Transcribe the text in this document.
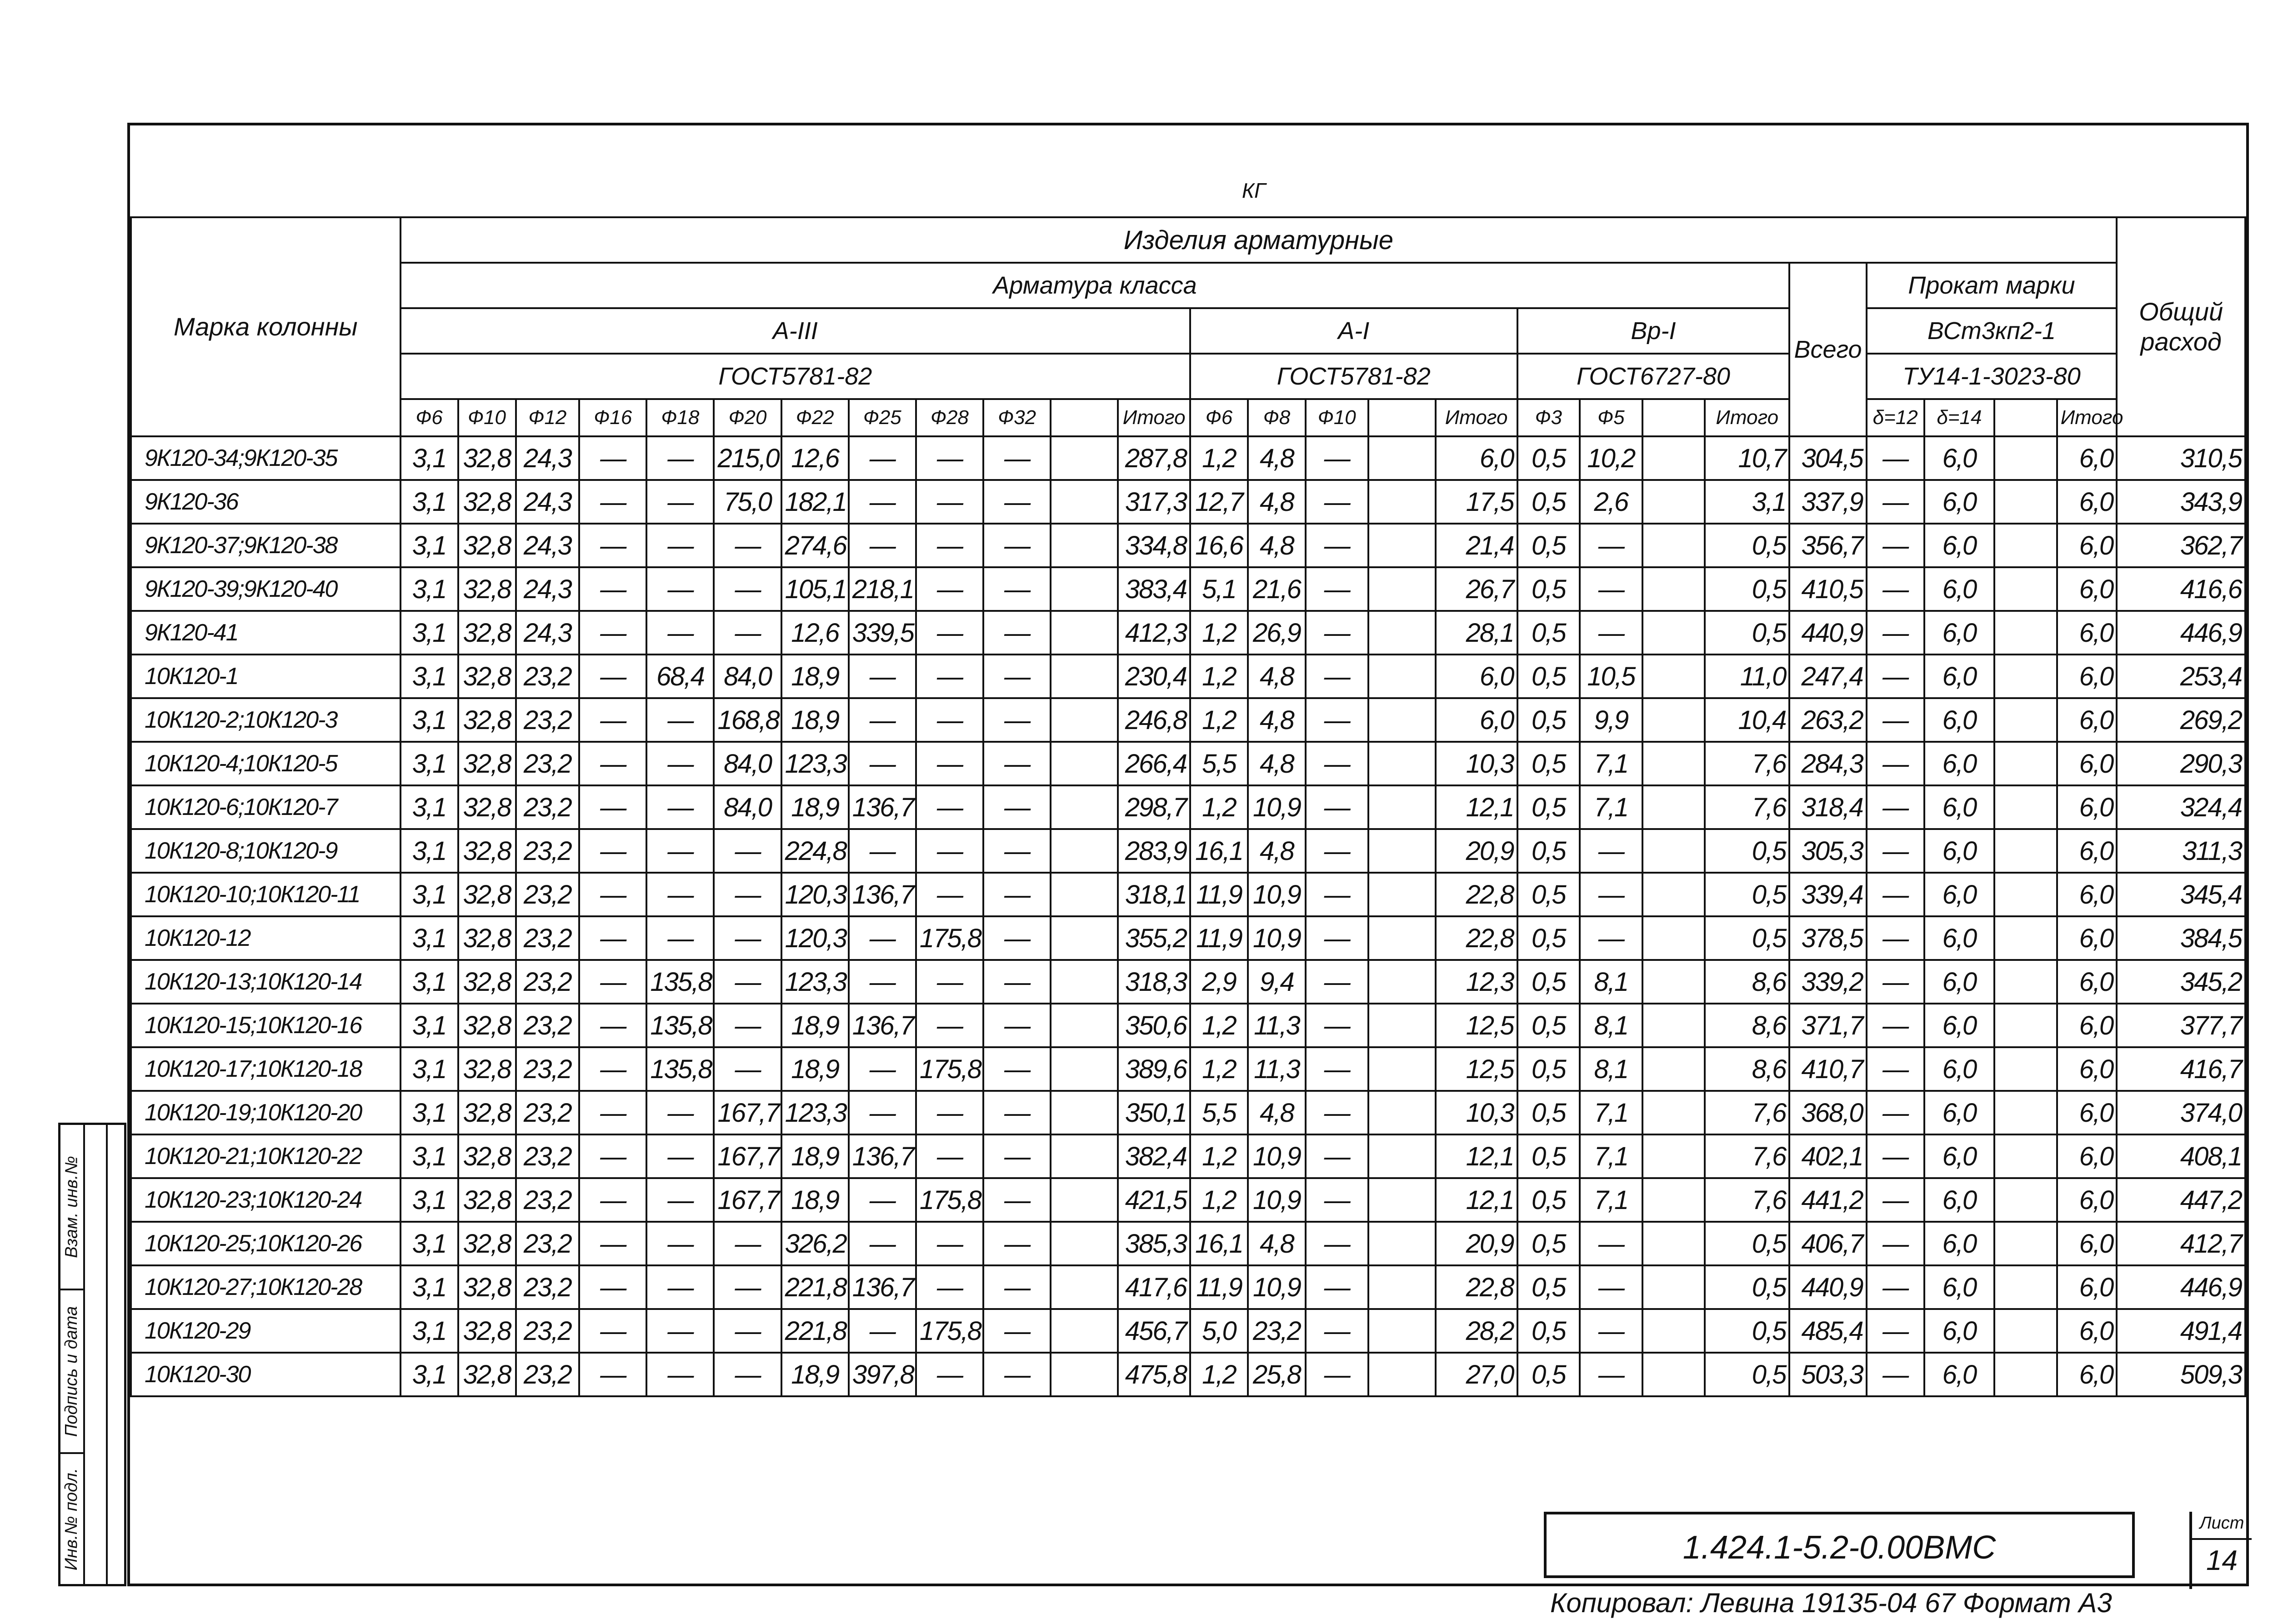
КГ
Марка колонны	Изделия арматурные																										Общий расход
	Арматура класса																					Всего	Прокат марки				
	А-III												А-I					Вр-I					ВСт3кп2-1				
	ГОСТ5781-82												ГОСТ5781-82					ГОСТ6727-80					ТУ14-1-3023-80				
	Ф6	Ф10	Ф12	Ф16	Ф18	Ф20	Ф22	Ф25	Ф28	Ф32		Итого	Ф6	Ф8	Ф10		Итого	Ф3	Ф5		Итого		δ=12	δ=14		Итого	
9К120-34;9К120-35	3,1	32,8	24,3	—	—	215,0	12,6	—	—	—		287,8	1,2	4,8	—		6,0	0,5	10,2		10,7	304,5	—	6,0		6,0	310,5
9К120-36	3,1	32,8	24,3	—	—	75,0	182,1	—	—	—		317,3	12,7	4,8	—		17,5	0,5	2,6		3,1	337,9	—	6,0		6,0	343,9
9К120-37;9К120-38	3,1	32,8	24,3	—	—	—	274,6	—	—	—		334,8	16,6	4,8	—		21,4	0,5	—		0,5	356,7	—	6,0		6,0	362,7
9К120-39;9К120-40	3,1	32,8	24,3	—	—	—	105,1	218,1	—	—		383,4	5,1	21,6	—		26,7	0,5	—		0,5	410,5	—	6,0		6,0	416,6
9К120-41	3,1	32,8	24,3	—	—	—	12,6	339,5	—	—		412,3	1,2	26,9	—		28,1	0,5	—		0,5	440,9	—	6,0		6,0	446,9
10К120-1	3,1	32,8	23,2	—	68,4	84,0	18,9	—	—	—		230,4	1,2	4,8	—		6,0	0,5	10,5		11,0	247,4	—	6,0		6,0	253,4
10К120-2;10К120-3	3,1	32,8	23,2	—	—	168,8	18,9	—	—	—		246,8	1,2	4,8	—		6,0	0,5	9,9		10,4	263,2	—	6,0		6,0	269,2
10К120-4;10К120-5	3,1	32,8	23,2	—	—	84,0	123,3	—	—	—		266,4	5,5	4,8	—		10,3	0,5	7,1		7,6	284,3	—	6,0		6,0	290,3
10К120-6;10К120-7	3,1	32,8	23,2	—	—	84,0	18,9	136,7	—	—		298,7	1,2	10,9	—		12,1	0,5	7,1		7,6	318,4	—	6,0		6,0	324,4
10К120-8;10К120-9	3,1	32,8	23,2	—	—	—	224,8	—	—	—		283,9	16,1	4,8	—		20,9	0,5	—		0,5	305,3	—	6,0		6,0	311,3
10К120-10;10К120-11	3,1	32,8	23,2	—	—	—	120,3	136,7	—	—		318,1	11,9	10,9	—		22,8	0,5	—		0,5	339,4	—	6,0		6,0	345,4
10К120-12	3,1	32,8	23,2	—	—	—	120,3	—	175,8	—		355,2	11,9	10,9	—		22,8	0,5	—		0,5	378,5	—	6,0		6,0	384,5
10К120-13;10К120-14	3,1	32,8	23,2	—	135,8	—	123,3	—	—	—		318,3	2,9	9,4	—		12,3	0,5	8,1		8,6	339,2	—	6,0		6,0	345,2
10К120-15;10К120-16	3,1	32,8	23,2	—	135,8	—	18,9	136,7	—	—		350,6	1,2	11,3	—		12,5	0,5	8,1		8,6	371,7	—	6,0		6,0	377,7
10К120-17;10К120-18	3,1	32,8	23,2	—	135,8	—	18,9	—	175,8	—		389,6	1,2	11,3	—		12,5	0,5	8,1		8,6	410,7	—	6,0		6,0	416,7
10К120-19;10К120-20	3,1	32,8	23,2	—	—	167,7	123,3	—	—	—		350,1	5,5	4,8	—		10,3	0,5	7,1		7,6	368,0	—	6,0		6,0	374,0
10К120-21;10К120-22	3,1	32,8	23,2	—	—	167,7	18,9	136,7	—	—		382,4	1,2	10,9	—		12,1	0,5	7,1		7,6	402,1	—	6,0		6,0	408,1
10К120-23;10К120-24	3,1	32,8	23,2	—	—	167,7	18,9	—	175,8	—		421,5	1,2	10,9	—		12,1	0,5	7,1		7,6	441,2	—	6,0		6,0	447,2
10К120-25;10К120-26	3,1	32,8	23,2	—	—	—	326,2	—	—	—		385,3	16,1	4,8	—		20,9	0,5	—		0,5	406,7	—	6,0		6,0	412,7
10К120-27;10К120-28	3,1	32,8	23,2	—	—	—	221,8	136,7	—	—		417,6	11,9	10,9	—		22,8	0,5	—		0,5	440,9	—	6,0		6,0	446,9
10К120-29	3,1	32,8	23,2	—	—	—	221,8	—	175,8	—		456,7	5,0	23,2	—		28,2	0,5	—		0,5	485,4	—	6,0		6,0	491,4
10К120-30	3,1	32,8	23,2	—	—	—	18,9	397,8	—	—		475,8	1,2	25,8	—		27,0	0,5	—		0,5	503,3	—	6,0		6,0	509,3

1.424.1-5.2-0.00ВМС
Лист
14
Взам. инв.№
Подпись и дата
Инв.№ подл.
Копировал: Левина 19135-04 67 Формат А3
